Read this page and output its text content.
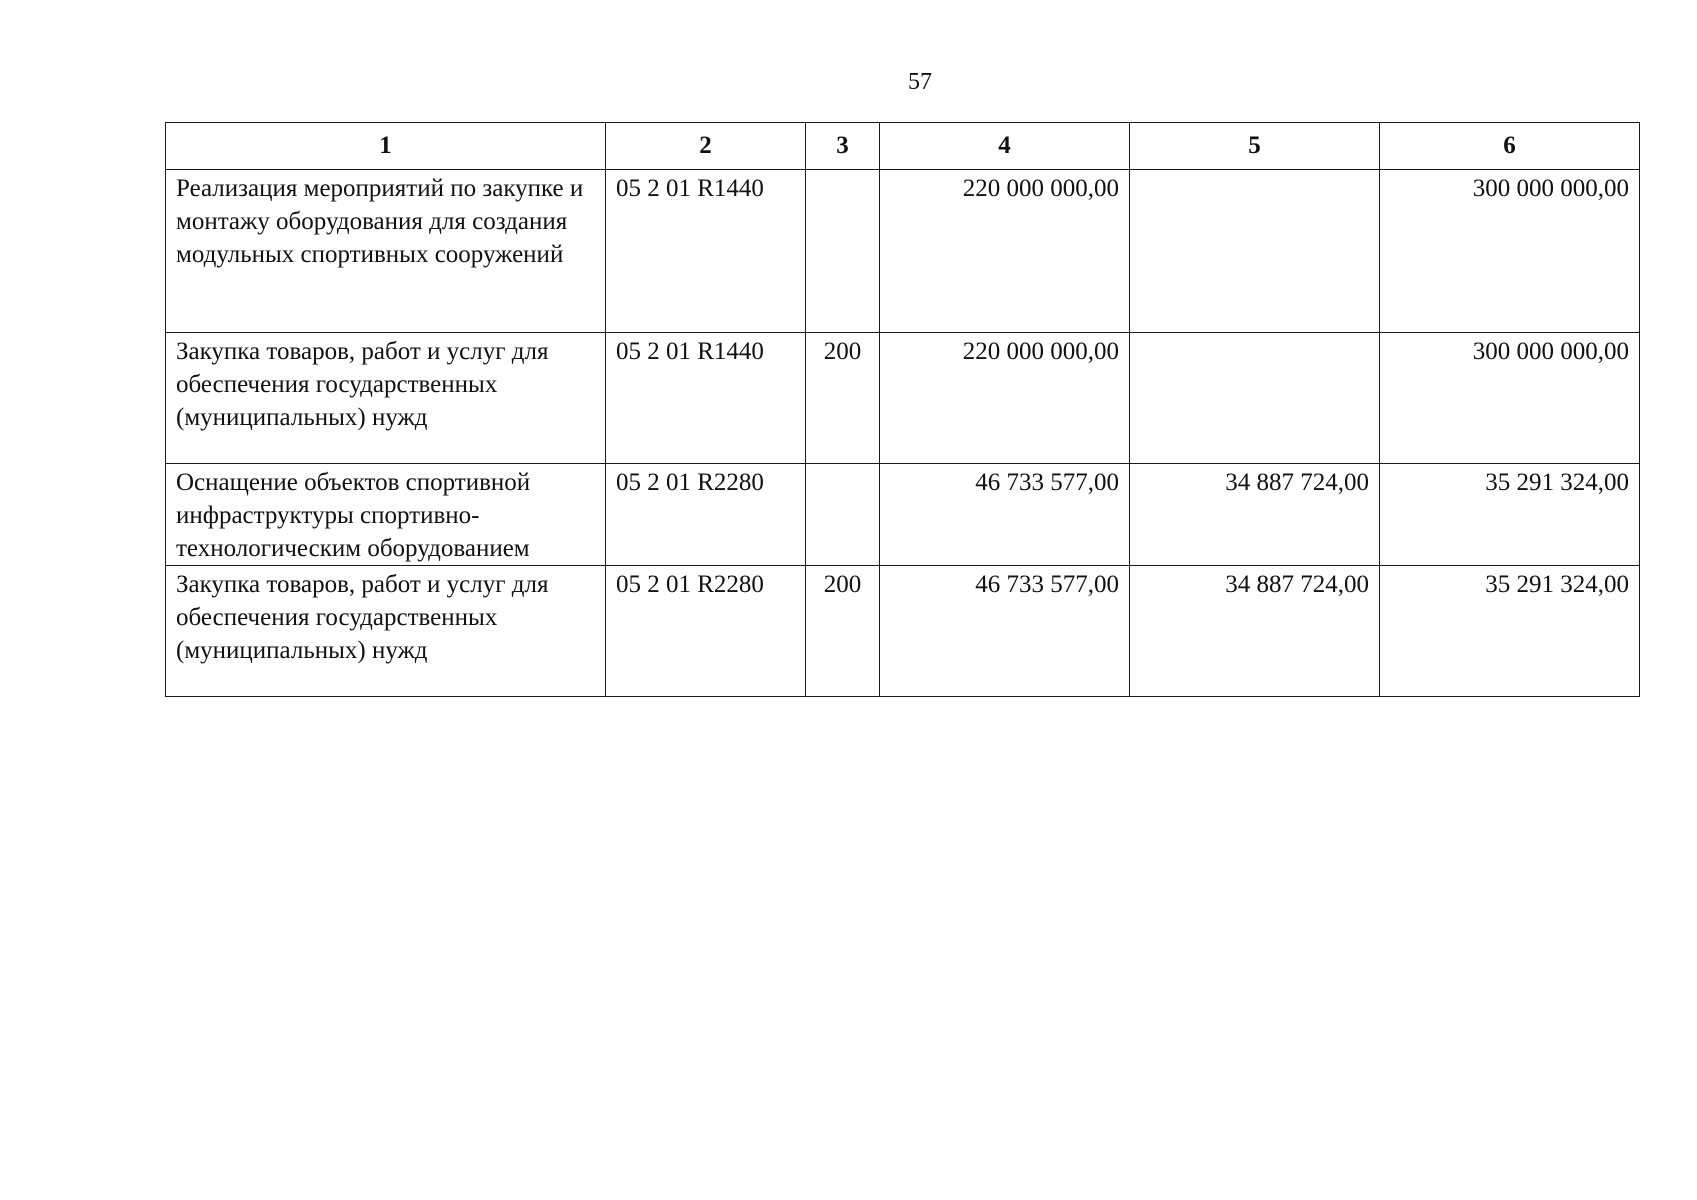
57
1	2	3	4	5	6
Реализация мероприятий по закупке и монтажу оборудования для создания модульных спортивных сооружений	05 2 01 R1440		220 000 000,00		300 000 000,00
Закупка товаров, работ и услуг для обеспечения государственных (муниципальных) нужд	05 2 01 R1440	200	220 000 000,00		300 000 000,00
Оснащение объектов спортивной инфраструктуры спортивно-технологическим оборудованием	05 2 01 R2280		46 733 577,00	34 887 724,00	35 291 324,00
Закупка товаров, работ и услуг для обеспечения государственных (муниципальных) нужд	05 2 01 R2280	200	46 733 577,00	34 887 724,00	35 291 324,00
